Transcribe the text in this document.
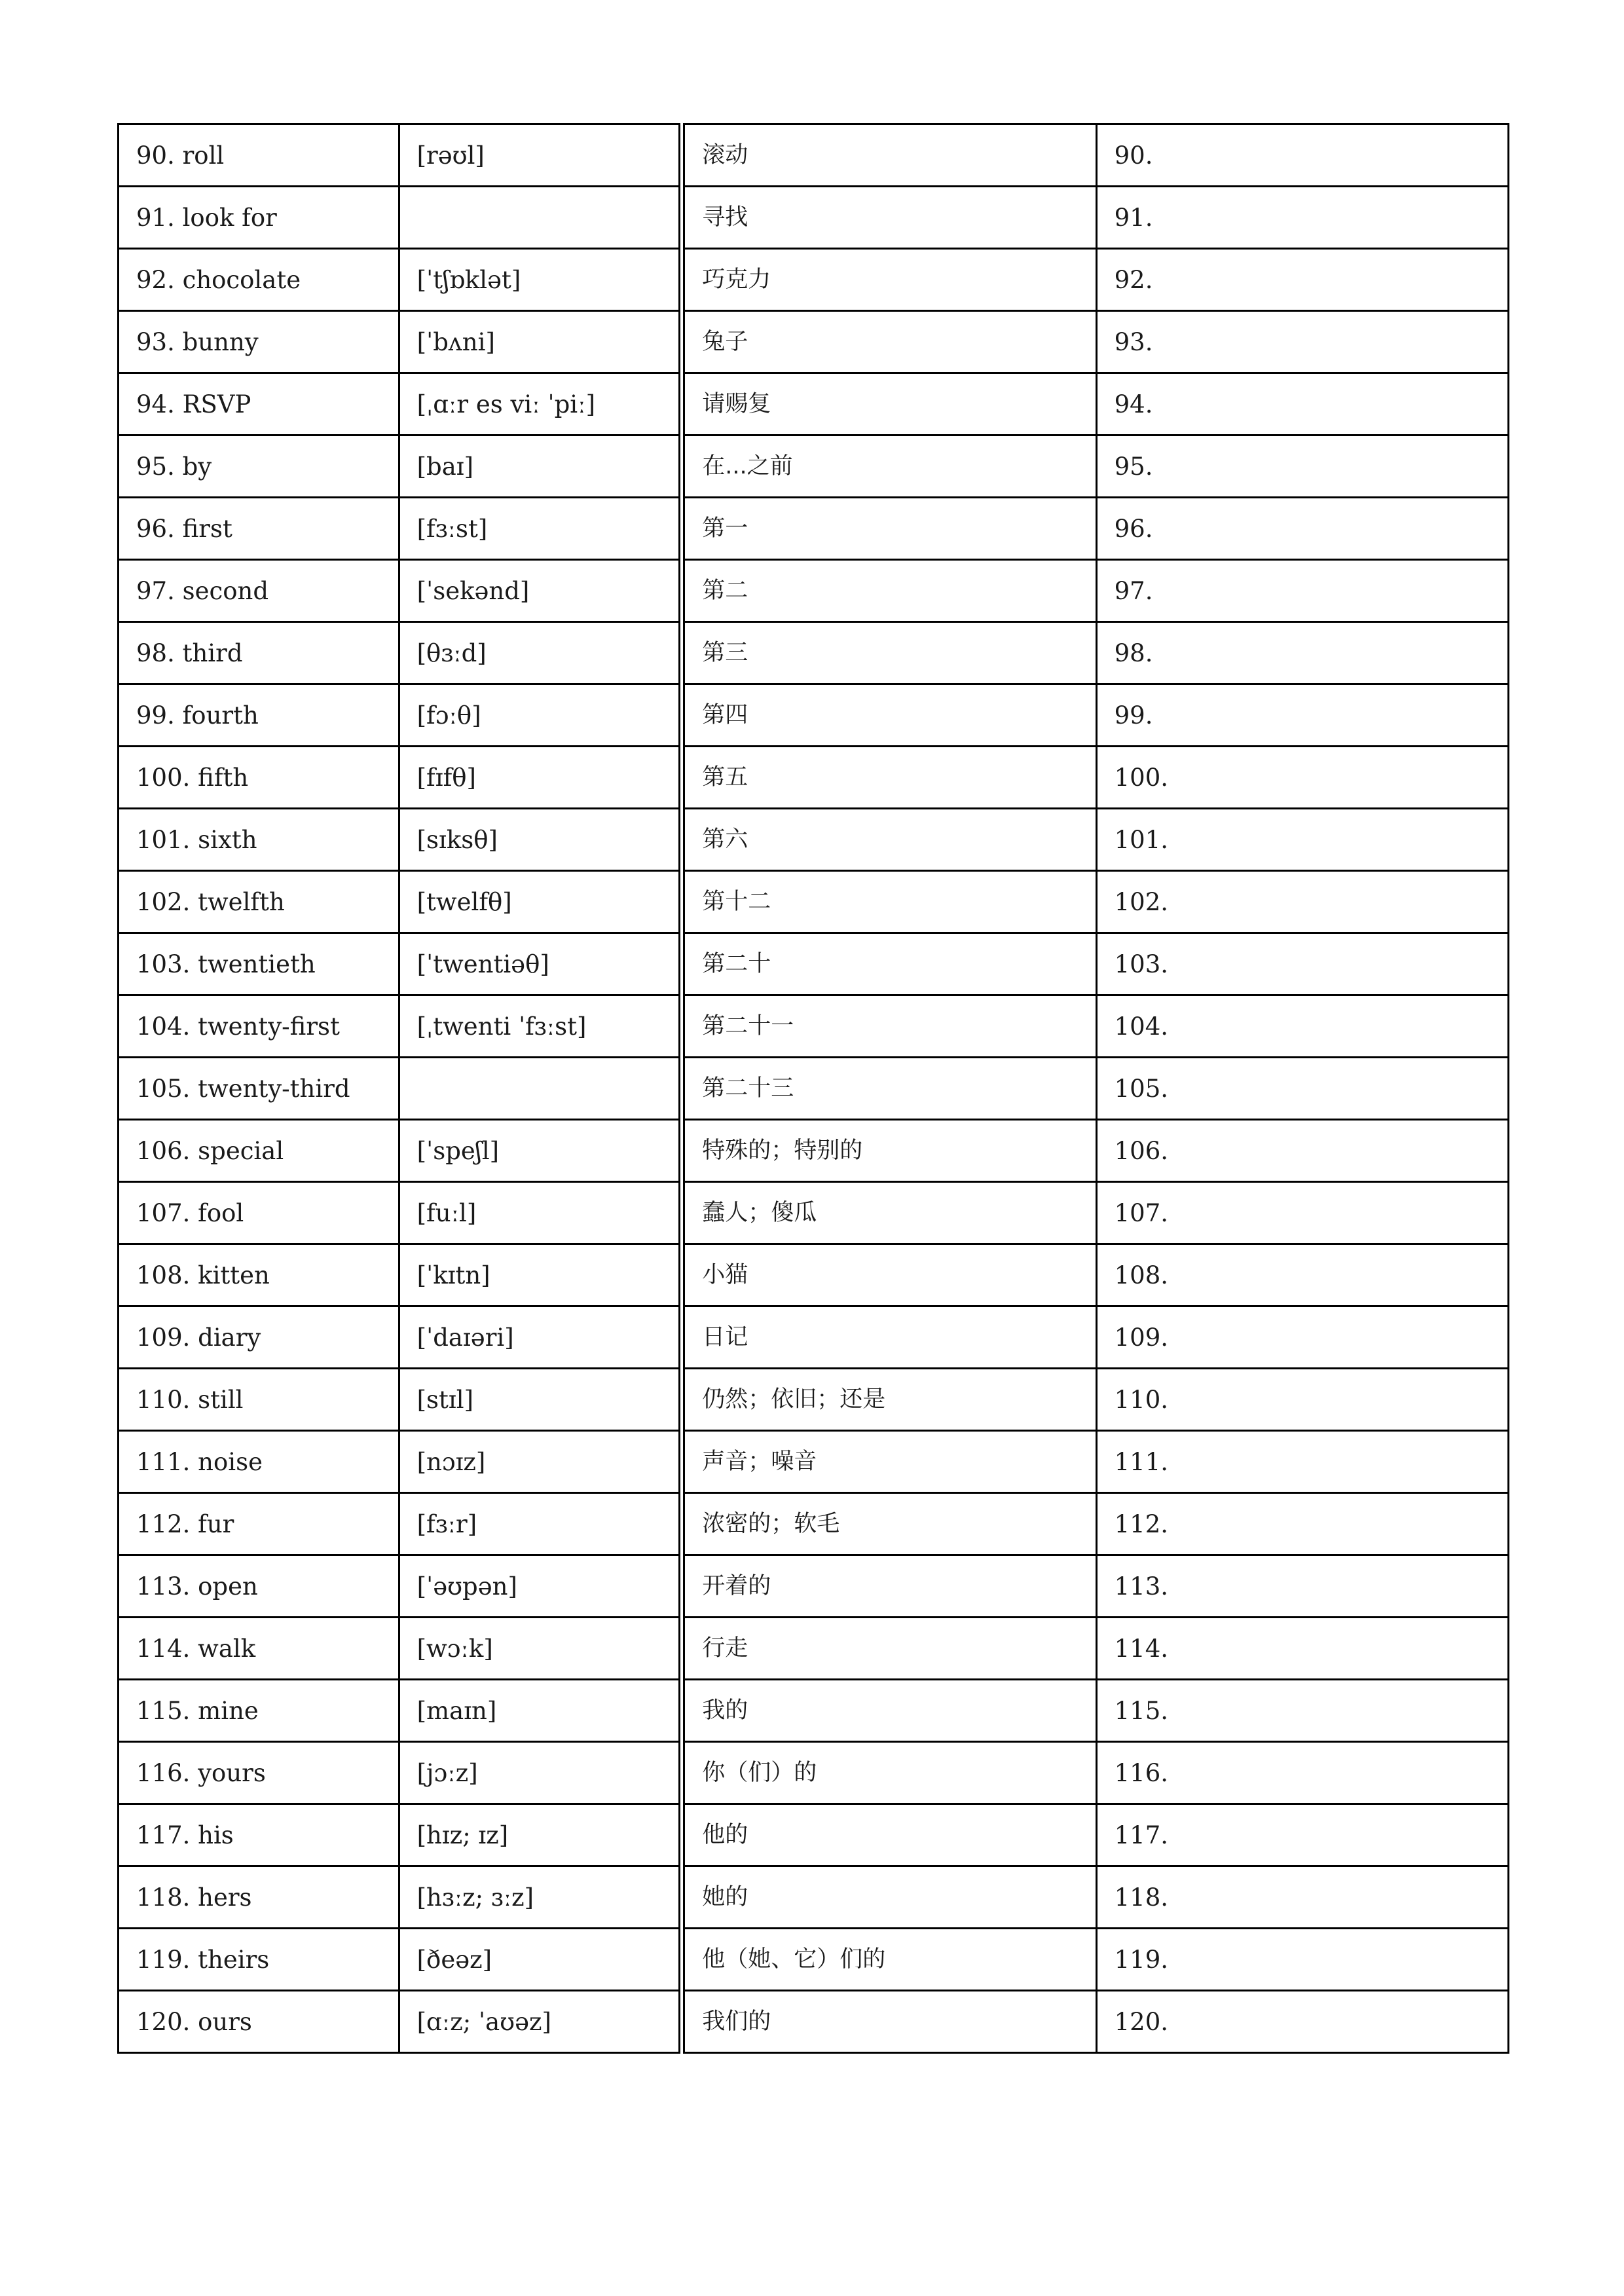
90. roll	[rəʊl]	滚动	90.
91. look for		寻找	91.
92. chocolate	[ˈtʃɒklət]	巧克力	92.
93. bunny	[ˈbʌni]	兔子	93.
94. RSVP	[ˌɑːr es viː ˈpiː]	请赐复	94.
95. by	[baɪ]	在...之前	95.
96. first	[fɜːst]	第一	96.
97. second	[ˈsekənd]	第二	97.
98. third	[θɜːd]	第三	98.
99. fourth	[fɔːθ]	第四	99.
100. fifth	[fɪfθ]	第五	100.
101. sixth	[sɪksθ]	第六	101.
102. twelfth	[twelfθ]	第十二	102.
103. twentieth	[ˈtwentiəθ]	第二十	103.
104. twenty-first	[ˌtwenti ˈfɜːst]	第二十一	104.
105. twenty-third		第二十三	105.
106. special	[ˈspeʃl]	特殊的；特别的	106.
107. fool	[fuːl]	蠢人；傻瓜	107.
108. kitten	[ˈkɪtn]	小猫	108.
109. diary	[ˈdaɪəri]	日记	109.
110. still	[stɪl]	仍然；依旧；还是	110.
111. noise	[nɔɪz]	声音；噪音	111.
112. fur	[fɜːr]	浓密的；软毛	112.
113. open	[ˈəʊpən]	开着的	113.
114. walk	[wɔːk]	行走	114.
115. mine	[maɪn]	我的	115.
116. yours	[jɔːz]	你（们）的	116.
117. his	[hɪz; ɪz]	他的	117.
118. hers	[hɜːz; ɜːz]	她的	118.
119. theirs	[ðeəz]	他（她、它）们的	119.
120. ours	[ɑːz; ˈaʊəz]	我们的	120.
